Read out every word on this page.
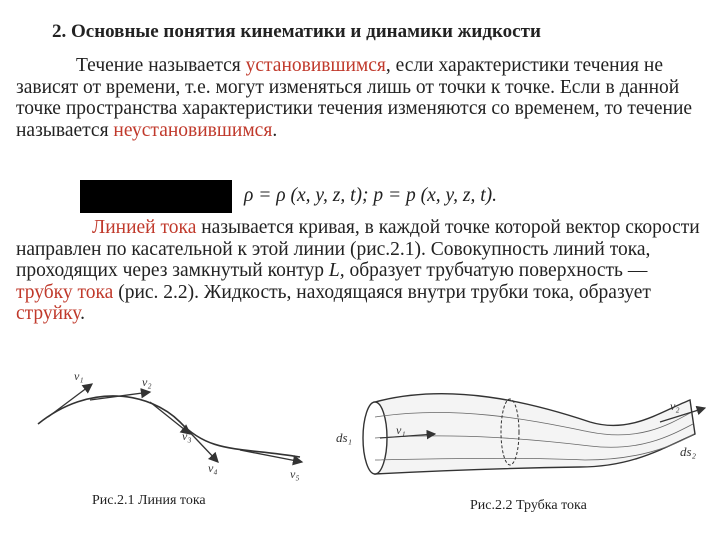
2. Основные понятия кинематики и динамики жидкости
Течение называется установившимся, если характеристики течения не зависят от времени, т.е. могут изменяться лишь от точки к точке. Если в данной точке пространства характеристики течения изменяются со временем, то течение называется неустановившимся.
ρ = ρ (x, y, z, t); p = p (x, y, z, t).
Линией тока называется кривая, в каждой точке которой вектор скорости направлен по касательной к этой линии (рис.2.1). Совокупность линий тока, проходящих через замкнутый контур L, образует трубчатую поверхность — трубку тока (рис. 2.2). Жидкость, находящаяся внутри трубки тока, образует струйку.
v₁	v₂
v₃
v₄	v₅
Рис.2.1 Линия тока
ds₁	v₁
v₂
ds₂
Рис.2.2 Трубка тока
